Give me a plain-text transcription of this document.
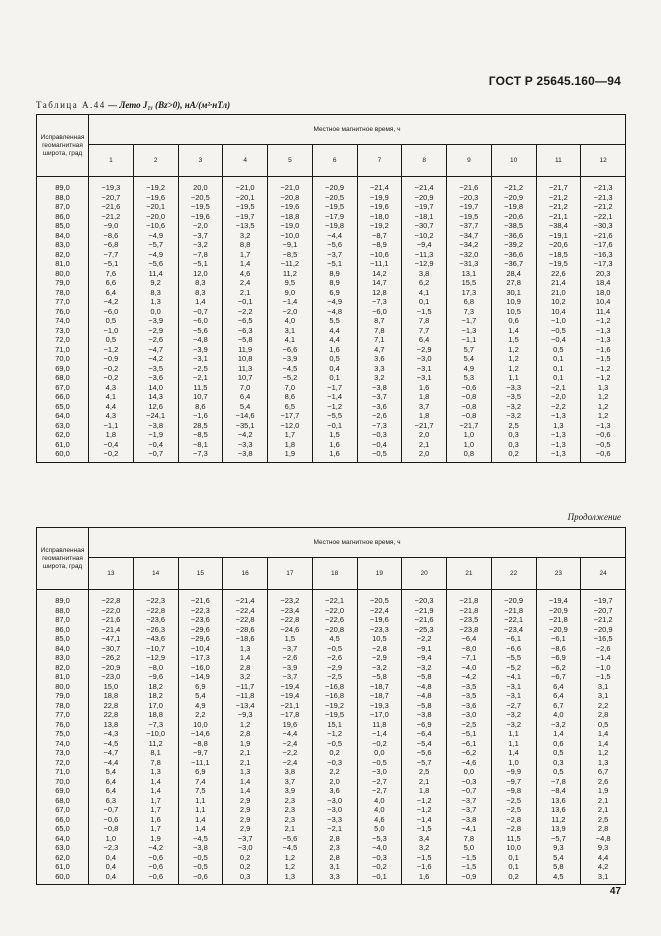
ГОСТ Р 25645.160—94
Таблица А.44 — Лето J₁ᵧ (Bz>0), нА/(м²·нТл)
Исправленная геомагнитная широта, град	Местное магнитное время, ч											
	1	2	3	4	5	6	7	8	9	10	11	12
89,0	−19,3	−19,2	20,0	−21,0	−21,0	−20,9	−21,4	−21,4	−21,6	−21,2	−21,7	−21,3
88,0	−20,7	−19,6	−20,5	−20,1	−20,8	−20,5	−19,9	−20,9	−20,3	−20,9	−21,2	−21,3
87,0	−21,6	−20,1	−19,5	−19,5	−19,6	−19,5	−19,6	−19,7	−19,7	−19,8	−21,2	−21,2
86,0	−21,2	−20,0	−19,6	−19,7	−18,8	−17,9	−18,0	−18,1	−19,5	−20,6	−21,1	−22,1
85,0	−9,0	−10,6	−2,0	−13,5	−19,0	−19,8	−19,2	−30,7	−37,7	−38,5	−38,4	−30,3
84,0	−8,6	−4,9	−3,7	3,2	−10,0	−4,4	−8,7	−10,2	−34,7	−36,6	−19,1	−21,6
83,0	−6,8	−5,7	−3,2	8,8	−9,1	−5,6	−8,9	−9,4	−34,2	−39,2	−20,6	−17,6
82,0	−7,7	−4,9	−7,8	1,7	−8,5	−3,7	−10,6	−11,3	−32,0	−36,6	−18,5	−16,3
81,0	−5,1	−5,6	−5,1	1,4	−11,2	−5,1	−11,1	−12,9	−31,3	−36,7	−19,5	−17,3
80,0	7,6	11,4	12,0	4,6	11,2	8,9	14,2	3,8	13,1	28,4	22,6	20,3
79,0	6,6	9,2	8,3	2,4	9,5	8,9	14,7	6,2	15,5	27,8	21,4	18,4
78,0	6,4	8,3	8,3	2,1	9,0	6,9	12,8	4,1	17,3	30,1	21,0	18,0
77,0	−4,2	1,3	1,4	−0,1	−1,4	−4,9	−7,3	0,1	6,8	10,9	10,2	10,4
76,0	−6,0	0,0	−0,7	−2,2	−2,0	−4,8	−6,0	−1,5	7,3	10,5	10,4	11,4
74,0	0,5	−3,9	−6,0	−6,5	4,0	5,5	8,7	7,8	−1,7	0,6	−1,0	−1,2
73,0	−1,0	−2,9	−5,6	−6,3	3,1	4,4	7,8	7,7	−1,3	1,4	−0,5	−1,3
72,0	0,5	−2,6	−4,8	−5,8	4,1	4,4	7,1	6,4	−1,1	1,5	−0,4	−1,3
71,0	−1,2	−4,7	−3,9	11,9	−6,6	1,6	4,7	−2,9	5,7	1,2	0,5	−1,6
70,0	−0,9	−4,2	−3,1	10,8	−3,9	0,5	3,6	−3,0	5,4	1,2	0,1	−1,5
69,0	−0,2	−3,5	−2,5	11,3	−4,5	0,4	3,3	−3,1	4,9	1,2	0,1	−1,2
68,0	−0,2	−3,6	−2,1	10,7	−5,2	0,1	3,2	−3,1	5,3	1,1	0,1	−1,2
67,0	4,3	14,0	11,5	7,0	7,0	−1,7	−3,8	1,6	−0,6	−3,3	−2,1	1,3
66,0	4,1	14,3	10,7	6,4	8,6	−1,4	−3,7	1,8	−0,8	−3,5	−2,0	1,2
65,0	4,4	12,6	8,6	5,4	6,5	−1,2	−3,6	3,7	−0,8	−3,2	−2,2	1,2
64,0	4,3	−24,1	−1,6	−14,6	−17,7	−5,5	−2,6	1,8	−0,8	−3,2	−1,3	1,2
63,0	−1,1	−3,8	28,5	−35,1	−12,0	−0,1	−7,3	−21,7	−21,7	2,5	1,3	−1,3
62,0	1,8	−1,9	−8,5	−4,2	1,7	1,5	−0,3	2,0	1,0	0,3	−1,3	−0,6
61,0	−0,4	−0,4	−8,1	−3,3	1,8	1,6	−0,4	2,1	1,0	0,3	−1,3	−0,5
60,0	−0,2	−0,7	−7,3	−3,8	1,9	1,6	−0,5	2,0	0,8	0,2	−1,3	−0,6
Продолжение
Исправленная геомагнитная широта, град	Местное магнитное время, ч											
	13	14	15	16	17	18	19	20	21	22	23	24
89,0	−22,8	−22,3	−21,6	−21,4	−23,2	−22,1	−20,5	−20,3	−21,8	−20,9	−19,4	−19,7
88,0	−22,0	−22,8	−22,3	−22,4	−23,4	−22,0	−22,4	−21,9	−21,8	−21,8	−20,9	−20,7
87,0	−21,6	−23,6	−23,6	−22,8	−22,8	−22,6	−19,6	−21,6	−23,5	−22,1	−21,8	−21,2
86,0	−21,4	−26,3	−29,6	−28,6	−24,6	−20,8	−23,3	−25,3	−23,8	−23,4	−20,9	−20,9
85,0	−47,1	−43,6	−29,6	−18,6	1,5	4,5	10,5	−2,2	−6,4	−6,1	−6,1	−16,5
84,0	−30,7	−10,7	−10,4	1,3	−3,7	−0,5	−2,8	−9,1	−8,0	−6,6	−8,6	−2,6
83,0	−26,2	−12,9	−17,3	1,4	−2,6	−2,6	−2,9	−9,4	−7,1	−5,5	−6,9	−1,4
82,0	−20,9	−8,0	−16,0	2,8	−3,9	−2,9	−3,2	−3,2	−4,0	−5,2	−6,2	−1,0
81,0	−23,0	−9,6	−14,9	3,2	−3,7	−2,5	−5,8	−5,8	−4,2	−4,1	−6,7	−1,5
80,0	15,0	18,2	6,9	−11,7	−19,4	−16,8	−18,7	−4,8	−3,5	−3,1	6,4	3,1
79,0	18,8	18,2	5,4	−11,8	−19,4	−16,8	−18,7	−4,8	−3,5	−3,1	6,4	3,1
78,0	22,8	17,0	4,9	−13,4	−21,1	−19,2	−19,3	−5,8	−3,6	−2,7	6,7	2,2
77,0	22,8	18,8	2,2	−9,3	−17,8	−19,5	−17,0	−3,8	−3,0	−3,2	4,0	2,8
76,0	13,8	−7,3	10,0	1,2	19,6	15,1	11,8	−6,9	−2,5	−3,2	−3,2	0,5
75,0	−4,3	−10,0	−14,6	2,8	−4,4	−1,2	−1,4	−6,4	−5,1	1,1	1,4	1,4
74,0	−4,5	11,2	−8,8	1,9	−2,4	−0,5	−0,2	−5,4	−6,1	1,1	0,6	1,4
73,0	−4,7	8,1	−9,7	2,1	−2,2	0,2	0,0	−5,6	−6,2	1,4	0,5	1,2
72,0	−4,4	7,8	−11,1	2,1	−2,4	−0,3	−0,5	−5,7	−4,6	1,0	0,3	1,3
71,0	5,4	1,3	6,9	1,3	3,8	2,2	−3,0	2,5	0,0	−9,9	0,5	6,7
70,0	6,4	1,4	7,4	1,4	3,7	2,0	−2,7	2,1	−0,3	−9,7	−7,8	2,6
69,0	6,4	1,4	7,5	1,4	3,9	3,6	−2,7	1,8	−0,7	−9,8	−8,4	1,9
68,0	6,3	1,7	1,1	2,9	2,3	−3,0	4,0	−1,2	−3,7	−2,5	13,6	2,1
67,0	−0,7	1,7	1,1	2,9	2,3	−3,0	4,0	−1,2	−3,7	−2,5	13,6	2,1
66,0	−0,6	1,6	1,4	2,9	2,3	−3,3	4,6	−1,4	−3,8	−2,8	11,2	2,5
65,0	−0,8	1,7	1,4	2,9	2,1	−2,1	5,0	−1,5	−4,1	−2,8	13,9	2,8
64,0	1,0	1,9	−4,5	−3,7	−5,6	2,8	−5,3	3,4	7,8	11,5	−5,7	−4,8
63,0	−2,3	−4,2	−3,8	−3,0	−4,5	2,3	−4,0	3,2	5,0	10,0	9,3	9,3
62,0	0,4	−0,6	−0,5	0,2	1,2	2,8	−0,3	−1,5	−1,5	0,1	5,4	4,4
61,0	0,4	−0,6	−0,5	0,2	1,2	3,1	−0,2	−1,6	−1,5	0,1	5,8	4,2
60,0	0,4	−0,6	−0,6	0,3	1,3	3,3	−0,1	1,6	−0,9	0,2	4,5	3,1
47
